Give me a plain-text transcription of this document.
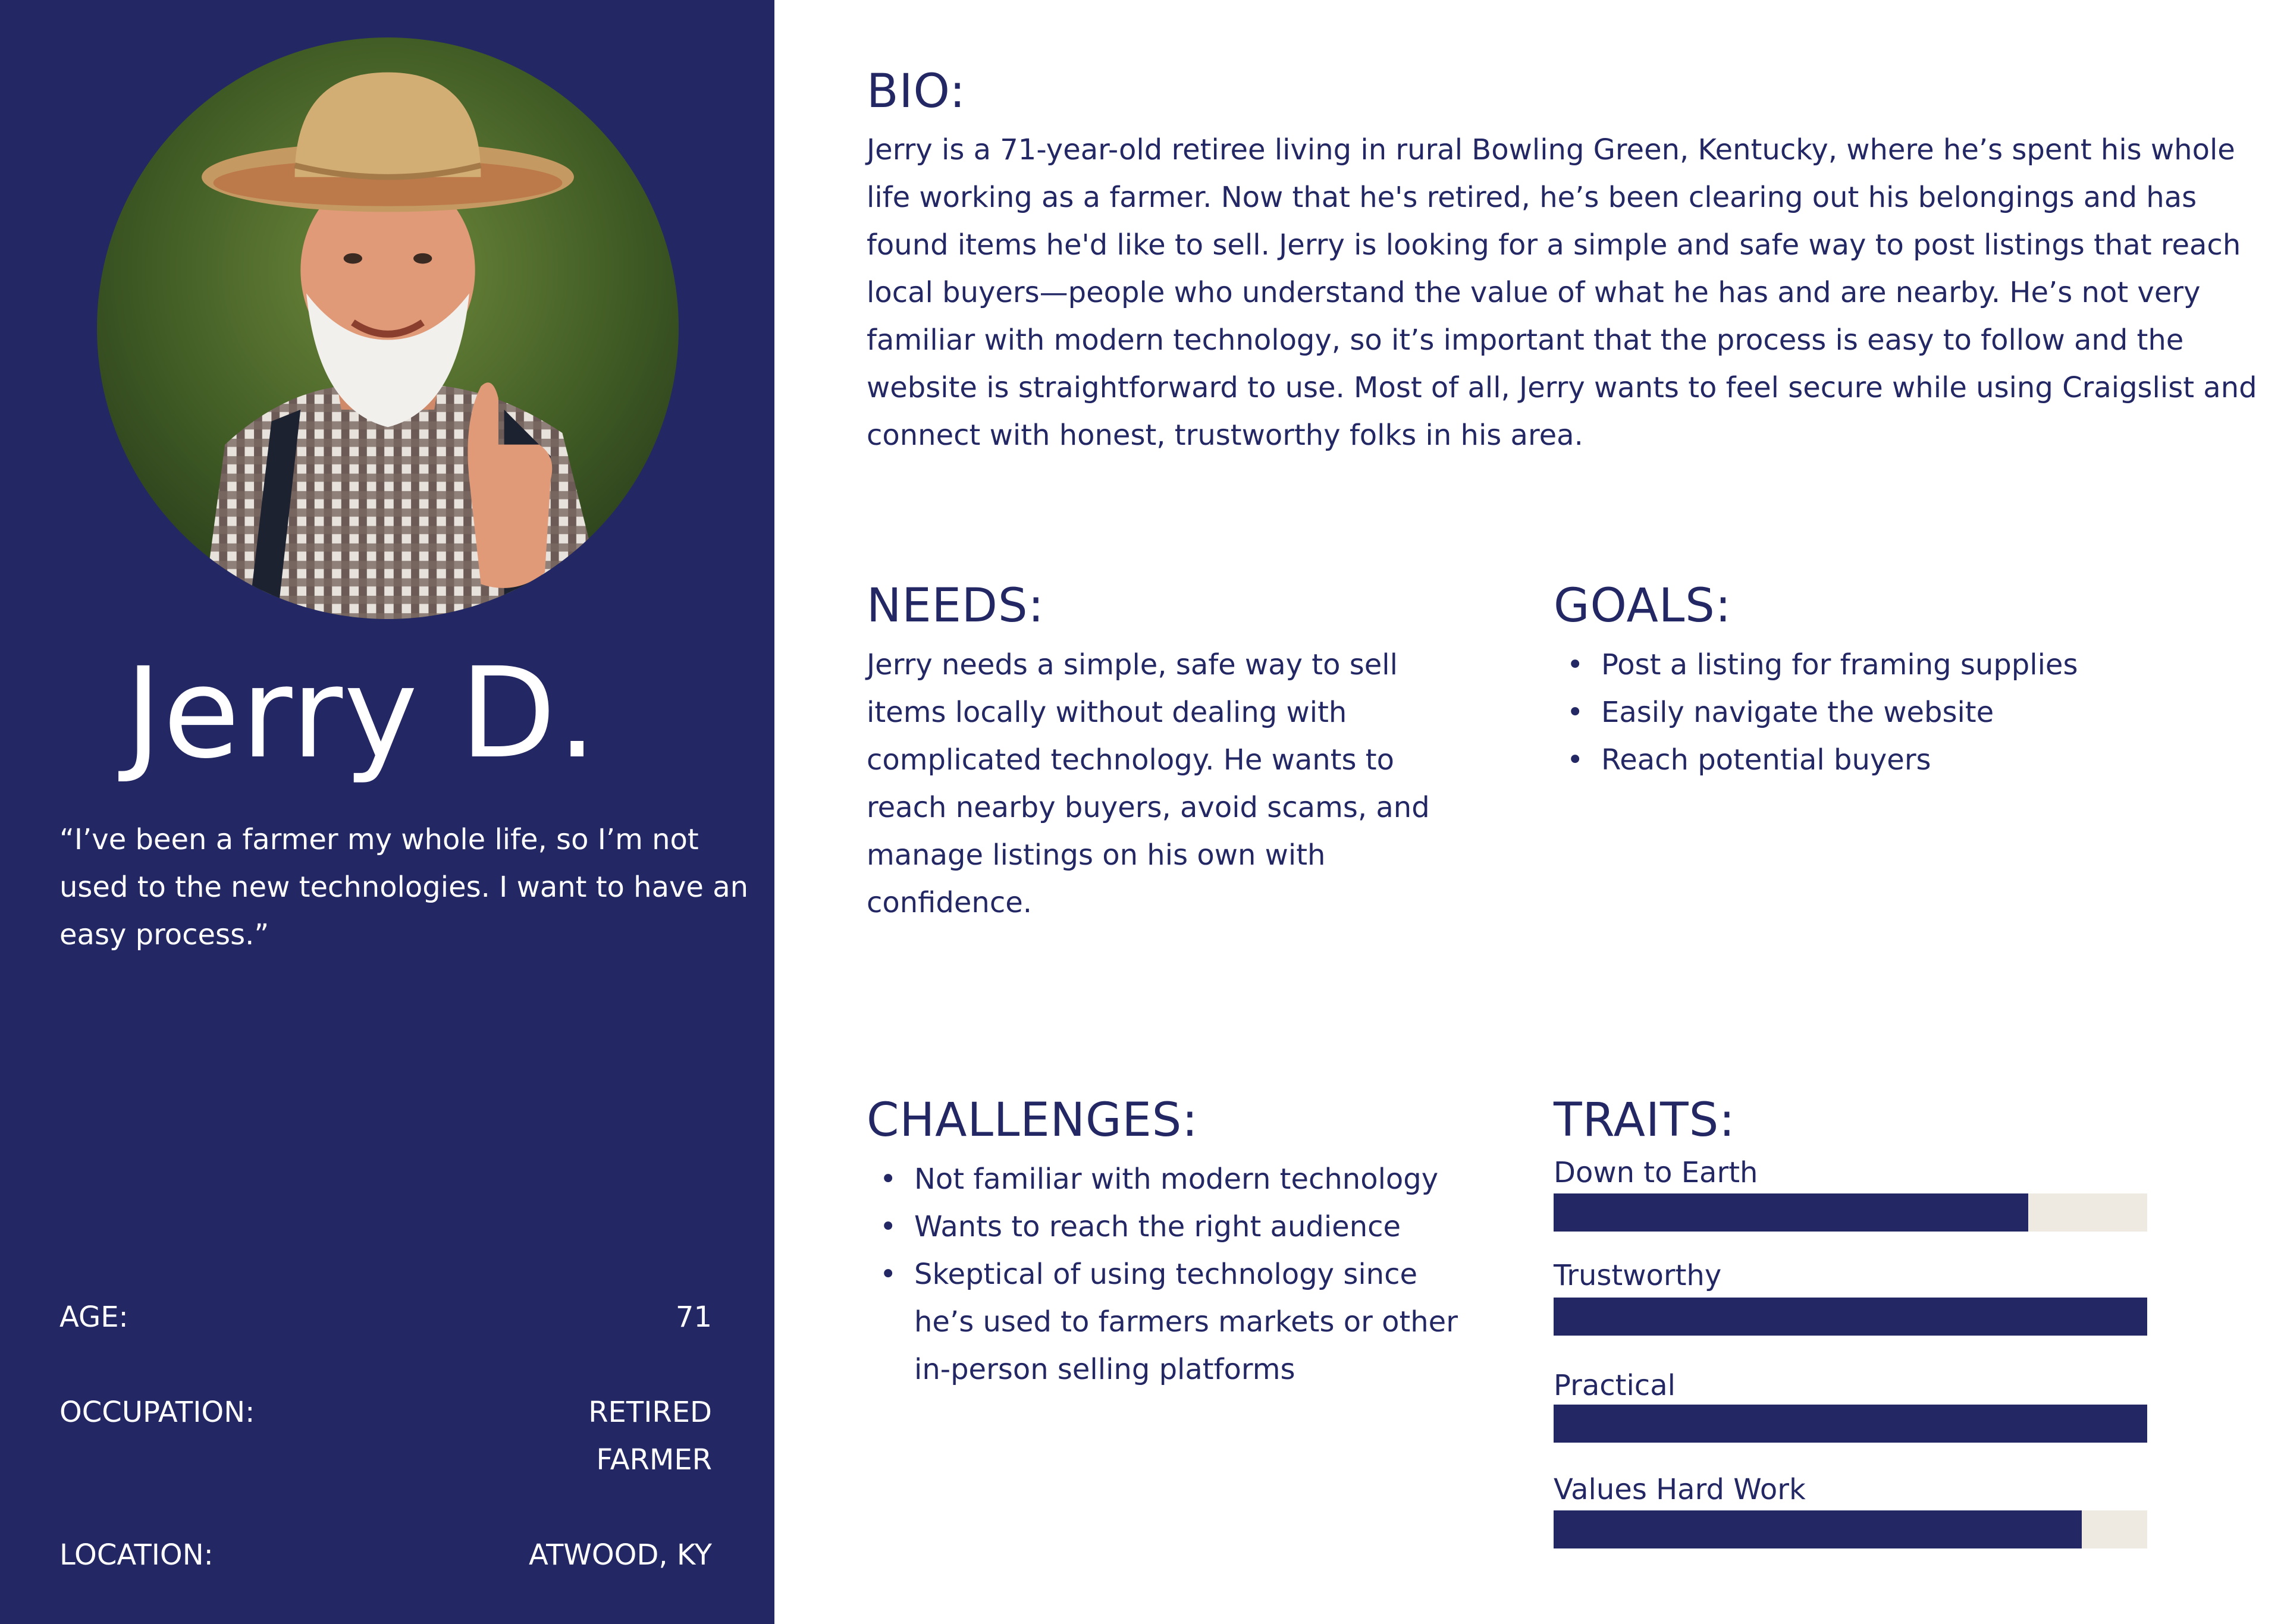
Jerry D.
“I’ve been a farmer my whole life, so I’m not used to the new technologies. I want to have an easy process.”
AGE:	71
OCCUPATION:	RETIRED FARMER
LOCATION:	ATWOOD, KY
BIO:

Jerry is a 71-year-old retiree living in rural Bowling Green, Kentucky, where he’s spent his whole life working as a farmer. Now that he's retired, he’s been clearing out his belongings and has found items he'd like to sell. Jerry is looking for a simple and safe way to post listings that reach local buyers—people who understand the value of what he has and are nearby. He’s not very familiar with modern technology, so it’s important that the process is easy to follow and the website is straightforward to use. Most of all, Jerry wants to feel secure while using Craigslist and connect with honest, trustworthy folks in his area.

NEEDS:

Jerry needs a simple, safe way to sell items locally without dealing with complicated technology. He wants to reach nearby buyers, avoid scams, and manage listings on his own with confidence.

GOALS:
• Post a listing for framing supplies
• Easily navigate the website
• Reach potential buyers
CHALLENGES:
• Not familiar with modern technology
• Wants to reach the right audience
• Skeptical of using technology since he’s used to farmers markets or other in-person selling platforms
TRAITS:
Down to Earth
Trustworthy
Practical
Values Hard Work
